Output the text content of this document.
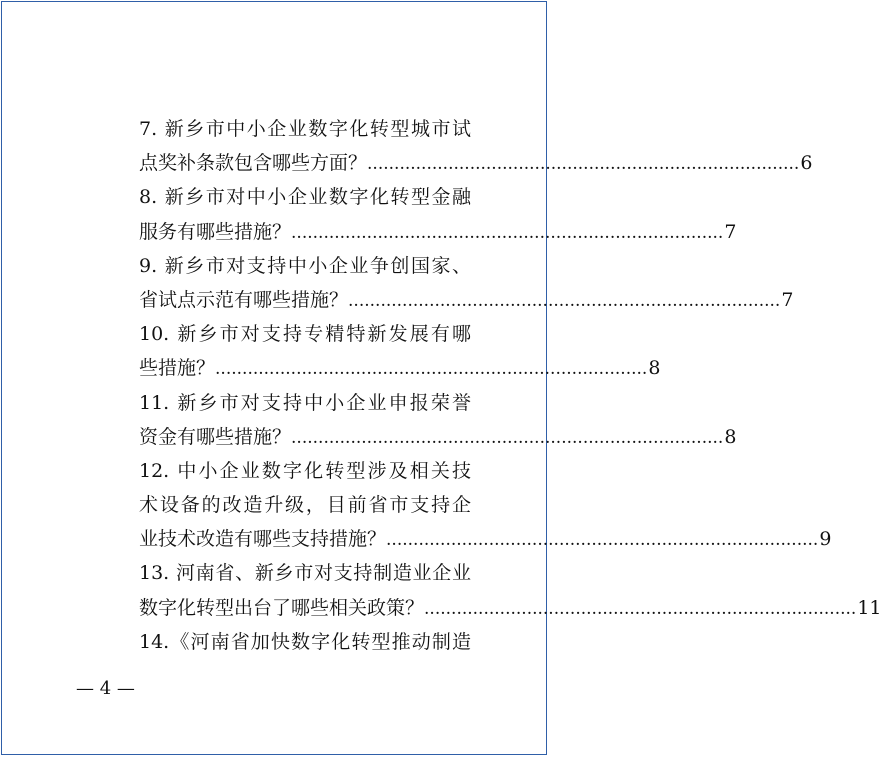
7. 新乡市中小企业数字化转型城市试
点奖补条款包含哪些方面？ ................................................................................ 6
8. 新乡市对中小企业数字化转型金融
服务有哪些措施？ ................................................................................ 7
9. 新乡市对支持中小企业争创国家、
省试点示范有哪些措施？ ................................................................................ 7
10. 新乡市对支持专精特新发展有哪
些措施？ ................................................................................ 8
11. 新乡市对支持中小企业申报荣誉
资金有哪些措施？ ................................................................................ 8
12. 中小企业数字化转型涉及相关技
术设备的改造升级，目前省市支持企
业技术改造有哪些支持措施？ ................................................................................ 9
13. 河南省、新乡市对支持制造业企业
数字化转型出台了哪些相关政策？ ................................................................................ 11
14.《河南省加快数字化转型推动制造
— 4 —
